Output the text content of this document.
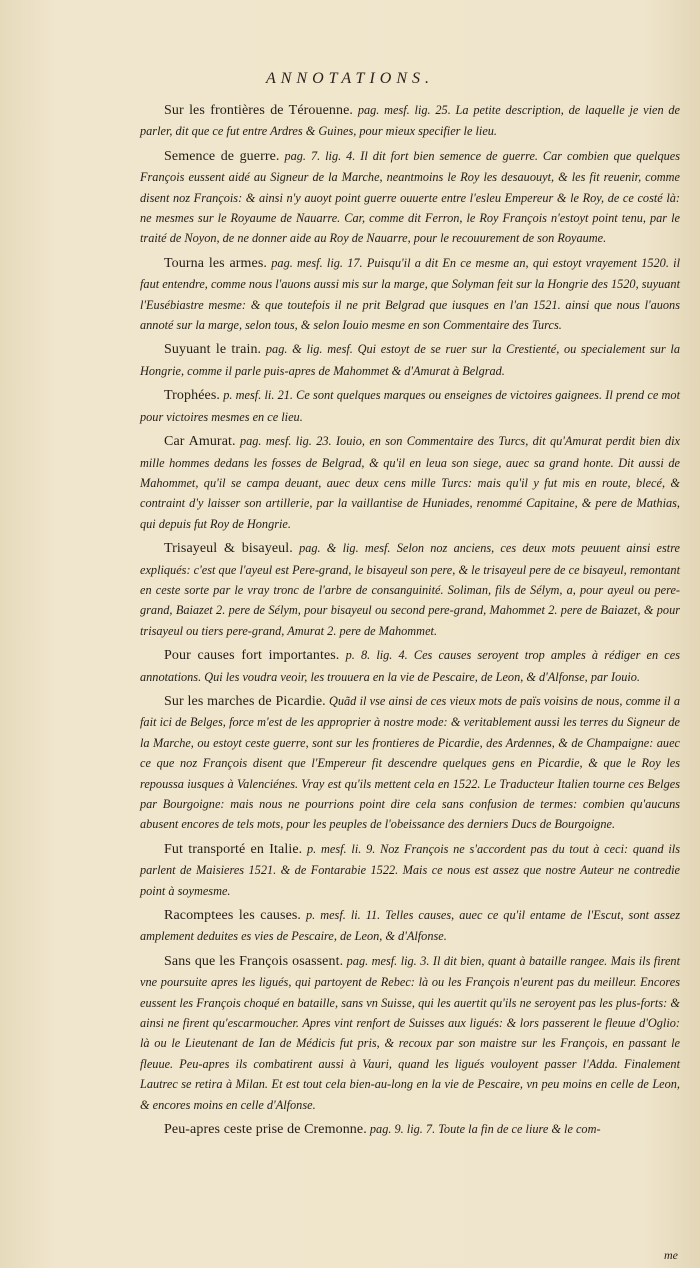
ANNOTATIONS.

Sur les frontières de Térouenne. pag. mesf. lig. 25. La petite description, de laquelle je vien de parler, dit que ce fut entre Ardres & Guines, pour mieux specifier le lieu.

Semence de guerre. pag. 7. lig. 4. Il dit fort bien semence de guerre. Car combien que quelques François eussent aidé au Signeur de la Marche, neantmoins le Roy les desauouyt, & les fit reuenir, comme disent noz François: & ainsi n'y auoyt point guerre ouuerte entre l'esleu Empereur & le Roy, de ce costé là: ne mesmes sur le Royaume de Nauarre. Car, comme dit Ferron, le Roy François n'estoyt point tenu, par le traité de Noyon, de ne donner aide au Roy de Nauarre, pour le recouurement de son Royaume.

Tourna les armes. pag. mesf. lig. 17. Puisqu'il a dit En ce mesme an, qui estoyt vrayement 1520. il faut entendre, comme nous l'auons aussi mis sur la marge, que Solyman feit sur la Hongrie des 1520, suyuant l'Eusébiastre mesme: & que toutefois il ne prit Belgrad que iusques en l'an 1521. ainsi que nous l'auons annoté sur la marge, selon tous, & selon Iouio mesme en son Commentaire des Turcs.

Suyuant le train. pag. & lig. mesf. Qui estoyt de se ruer sur la Crestienté, ou specialement sur la Hongrie, comme il parle puis-apres de Mahommet & d'Amurat à Belgrad.

Trophées. p. mesf. li. 21. Ce sont quelques marques ou enseignes de victoires gaignees. Il prend ce mot pour victoires mesmes en ce lieu.

Car Amurat. pag. mesf. lig. 23. Iouio, en son Commentaire des Turcs, dit qu'Amurat perdit bien dix mille hommes dedans les fosses de Belgrad, & qu'il en leua son siege, auec sa grand honte. Dit aussi de Mahommet, qu'il se campa deuant, auec deux cens mille Turcs: mais qu'il y fut mis en route, blecé, & contraint d'y laisser son artillerie, par la vaillantise de Huniades, renommé Capitaine, & pere de Mathias, qui depuis fut Roy de Hongrie.

Trisayeul & bisayeul. pag. & lig. mesf. Selon noz anciens, ces deux mots peuuent ainsi estre expliqués: c'est que l'ayeul est Pere-grand, le bisayeul son pere, & le trisayeul pere de ce bisayeul, remontant en ceste sorte par le vray tronc de l'arbre de consanguinité. Soliman, fils de Sélym, a, pour ayeul ou pere-grand, Baiazet 2. pere de Sélym, pour bisayeul ou second pere-grand, Mahommet 2. pere de Baiazet, & pour trisayeul ou tiers pere-grand, Amurat 2. pere de Mahommet.

Pour causes fort importantes. p. 8. lig. 4. Ces causes seroyent trop amples à rédiger en ces annotations. Qui les voudra veoir, les trouuera en la vie de Pescaire, de Leon, & d'Alfonse, par Iouio.

Sur les marches de Picardie. Quãd il vse ainsi de ces vieux mots de païs voisins de nous, comme il a fait ici de Belges, force m'est de les approprier à nostre mode: & veritablement aussi les terres du Signeur de la Marche, ou estoyt ceste guerre, sont sur les frontieres de Picardie, des Ardennes, & de Champaigne: auec ce que noz François disent que l'Empereur fit descendre quelques gens en Picardie, & que le Roy les repoussa iusques à Valenciénes. Vray est qu'ils mettent cela en 1522. Le Traducteur Italien tourne ces Belges par Bourgoigne: mais nous ne pourrions point dire cela sans confusion de termes: combien qu'aucuns abusent encores de tels mots, pour les peuples de l'obeissance des derniers Ducs de Bourgoigne.

Fut transporté en Italie. p. mesf. li. 9. Noz François ne s'accordent pas du tout à ceci: quand ils parlent de Maisieres 1521. & de Fontarabie 1522. Mais ce nous est assez que nostre Auteur ne contredie point à soymesme.

Racomptees les causes. p. mesf. li. 11. Telles causes, auec ce qu'il entame de l'Escut, sont assez amplement deduites es vies de Pescaire, de Leon, & d'Alfonse.

Sans que les François osassent. pag. mesf. lig. 3. Il dit bien, quant à bataille rangee. Mais ils firent vne poursuite apres les ligués, qui partoyent de Rebec: là ou les François n'eurent pas du meilleur. Encores eussent les François choqué en bataille, sans vn Suisse, qui les auertit qu'ils ne seroyent pas les plus-forts: & ainsi ne firent qu'escarmoucher. Apres vint renfort de Suisses aux ligués: & lors passerent le fleuue d'Oglio: là ou le Lieutenant de Ian de Médicis fut pris, & recoux par son maistre sur les François, en passant le fleuue. Peu-apres ils combatirent aussi à Vauri, quand les ligués vouloyent passer l'Adda. Finalement Lautrec se retira à Milan. Et est tout cela bien-au-long en la vie de Pescaire, vn peu moins en celle de Leon, & encores moins en celle d'Alfonse.

Peu-apres ceste prise de Cremonne. pag. 9. lig. 7. Toute la fin de ce liure & le com-

me
